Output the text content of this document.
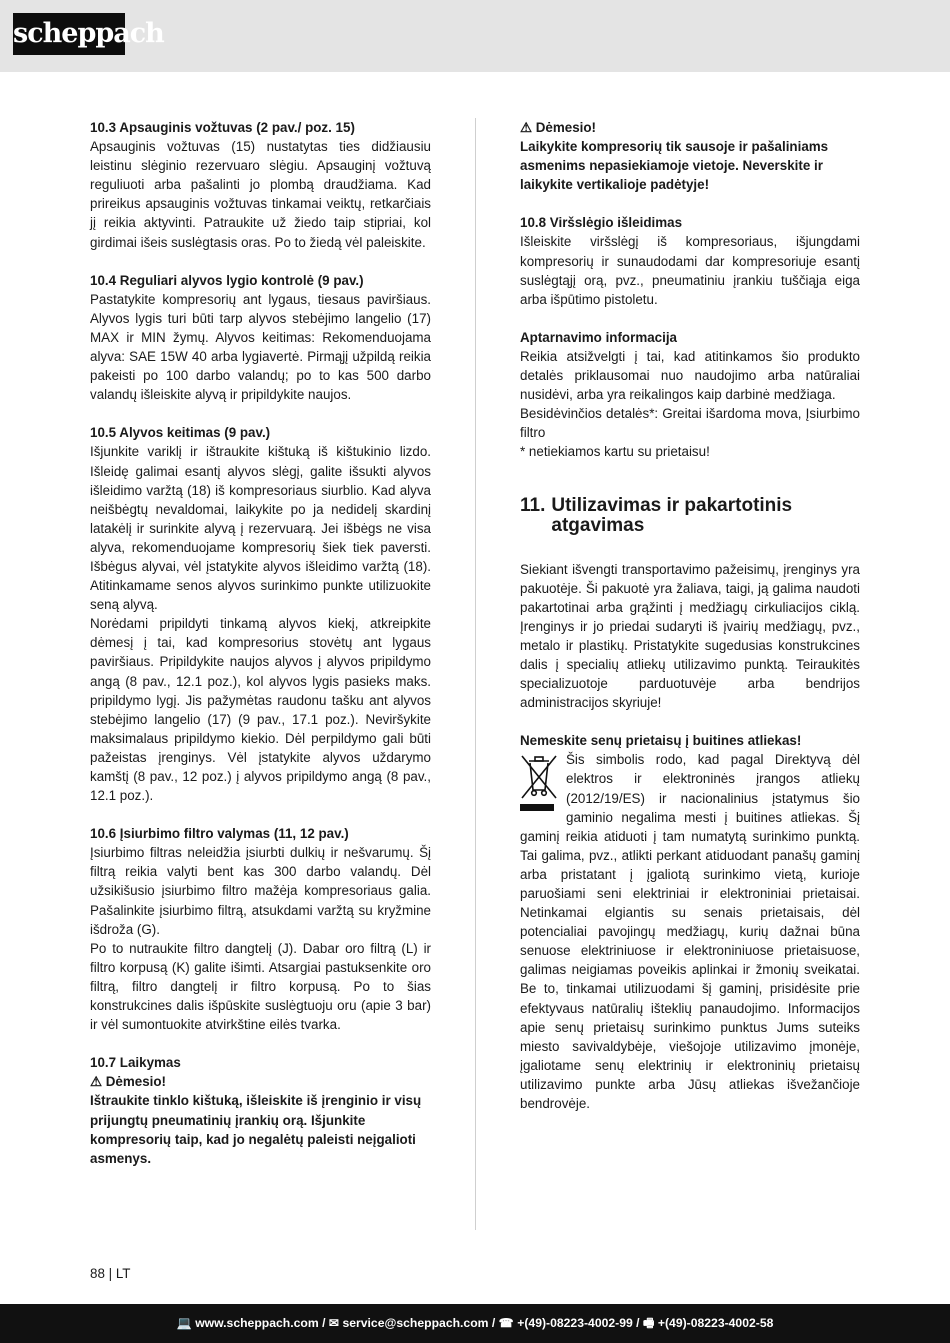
scheppach

10.3 Apsauginis vožtuvas (2 pav./ poz. 15)

Apsauginis vožtuvas (15) nustatytas ties didžiausiu leistinu slėginio rezervuaro slėgiu. Apsauginį vožtuvą reguliuoti arba pašalinti jo plombą draudžiama. Kad prireikus apsauginis vožtuvas tinkamai veiktų, retkarčiais jį reikia aktyvinti. Patraukite už žiedo taip stipriai, kol girdimai išeis suslėgtasis oras. Po to žiedą vėl paleiskite.

10.4 Reguliari alyvos lygio kontrolė (9 pav.)

Pastatykite kompresorių ant lygaus, tiesaus paviršiaus. Alyvos lygis turi būti tarp alyvos stebėjimo langelio (17) MAX ir MIN žymų. Alyvos keitimas: Rekomenduojama alyva: SAE 15W 40 arba lygiavertė. Pirmąjį užpildą reikia pakeisti po 100 darbo valandų; po to kas 500 darbo valandų išleiskite alyvą ir pripildykite naujos.

10.5 Alyvos keitimas (9 pav.)

Išjunkite variklį ir ištraukite kištuką iš kištukinio lizdo. Išleidę galimai esantį alyvos slėgį, galite išsukti alyvos išleidimo varžtą (18) iš kompresoriaus siurblio. Kad alyva neišbėgtų nevaldomai, laikykite po ja nedidelį skardinį latakėlį ir surinkite alyvą į rezervuarą. Jei išbėgs ne visa alyva, rekomenduojame kompresorių šiek tiek paversti. Išbėgus alyvai, vėl įstatykite alyvos išleidimo varžtą (18). Atitinkamame senos alyvos surinkimo punkte utilizuokite seną alyvą.

Norėdami pripildyti tinkamą alyvos kiekį, atkreipkite dėmesį į tai, kad kompresorius stovėtų ant lygaus paviršiaus. Pripildykite naujos alyvos į alyvos pripildymo angą (8 pav., 12.1 poz.), kol alyvos lygis pasieks maks. pripildymo lygį. Jis pažymėtas raudonu tašku ant alyvos stebėjimo langelio (17) (9 pav., 17.1 poz.). Neviršykite maksimalaus pripildymo kiekio. Dėl perpildymo gali būti pažeistas įrenginys. Vėl įstatykite alyvos uždarymo kamštį (8 pav., 12 poz.) į alyvos pripildymo angą (8 pav., 12.1 poz.).

10.6 Įsiurbimo filtro valymas (11, 12 pav.)

Įsiurbimo filtras neleidžia įsiurbti dulkių ir nešvarumų. Šį filtrą reikia valyti bent kas 300 darbo valandų. Dėl užsikišusio įsiurbimo filtro mažėja kompresoriaus galia. Pašalinkite įsiurbimo filtrą, atsukdami varžtą su kryžmine išdroža (G).

Po to nutraukite filtro dangtelį (J). Dabar oro filtrą (L) ir filtro korpusą (K) galite išimti. Atsargiai pastuksenkite oro filtrą, filtro dangtelį ir filtro korpusą. Po to šias konstrukcines dalis išpūskite suslėgtuoju oru (apie 3 bar) ir vėl sumontuokite atvirkštine eilės tvarka.

10.7 Laikymas

⚠ Dėmesio!

Ištraukite tinklo kištuką, išleiskite iš įrenginio ir visų prijungtų pneumatinių įrankių orą. Išjunkite kompresorių taip, kad jo negalėtų paleisti neįgalioti asmenys.

⚠ Dėmesio!

Laikykite kompresorių tik sausoje ir pašaliniams asmenims nepasiekiamoje vietoje. Neverskite ir laikykite vertikalioje padėtyje!

10.8 Viršslėgio išleidimas

Išleiskite viršslėgį iš kompresoriaus, išjungdami kompresorių ir sunaudodami dar kompresoriuje esantį suslėgtąjį orą, pvz., pneumatiniu įrankiu tuščiąja eiga arba išpūtimo pistoletu.

Aptarnavimo informacija

Reikia atsižvelgti į tai, kad atitinkamos šio produkto detalės priklausomai nuo naudojimo arba natūraliai nusidėvi, arba yra reikalingos kaip darbinė medžiaga.

Besidėvinčios detalės*: Greitai išardoma mova, Įsiurbimo filtro

* netiekiamos kartu su prietaisu!

11. Utilizavimas ir pakartotinis atgavimas

Siekiant išvengti transportavimo pažeisimų, įrenginys yra pakuotėje. Ši pakuotė yra žaliava, taigi, ją galima naudoti pakartotinai arba grąžinti į medžiagų cirkuliacijos ciklą. Įrenginys ir jo priedai sudaryti iš įvairių medžiagų, pvz., metalo ir plastikų. Pristatykite sugedusias konstrukcines dalis į specialių atliekų utilizavimo punktą. Teiraukitės specializuotoje parduotuvėje arba bendrijos administracijos skyriuje!

Nemeskite senų prietaisų į buitines atliekas!

Šis simbolis rodo, kad pagal Direktyvą dėl elektros ir elektroninės įrangos atliekų (2012/19/ES) ir nacionalinius įstatymus šio gaminio negalima mesti į buitines atliekas. Šį gaminį reikia atiduoti į tam numatytą surinkimo punktą. Tai galima, pvz., atlikti perkant atiduodant panašų gaminį arba pristatant į įgaliotą surinkimo vietą, kurioje paruošiami seni elektriniai ir elektroniniai prietaisai. Netinkamai elgiantis su senais prietaisais, dėl potencialiai pavojingų medžiagų, kurių dažnai būna senuose elektriniuose ir elektroniniuose prietaisuose, galimas neigiamas poveikis aplinkai ir žmonių sveikatai. Be to, tinkamai utilizuodami šį gaminį, prisidėsite prie efektyvaus natūralių išteklių panaudojimo. Informacijos apie senų prietaisų surinkimo punktus Jums suteiks miesto savivaldybėje, viešojoje utilizavimo įmonėje, įgaliotame senų elektrinių ir elektroninių prietaisų utilizavimo punkte arba Jūsų atliekas išvežančioje bendrovėje.

88 | LT
💻 www.scheppach.com / ✉ service@scheppach.com / ☎ +(49)-08223-4002-99 / 🖷 +(49)-08223-4002-58
